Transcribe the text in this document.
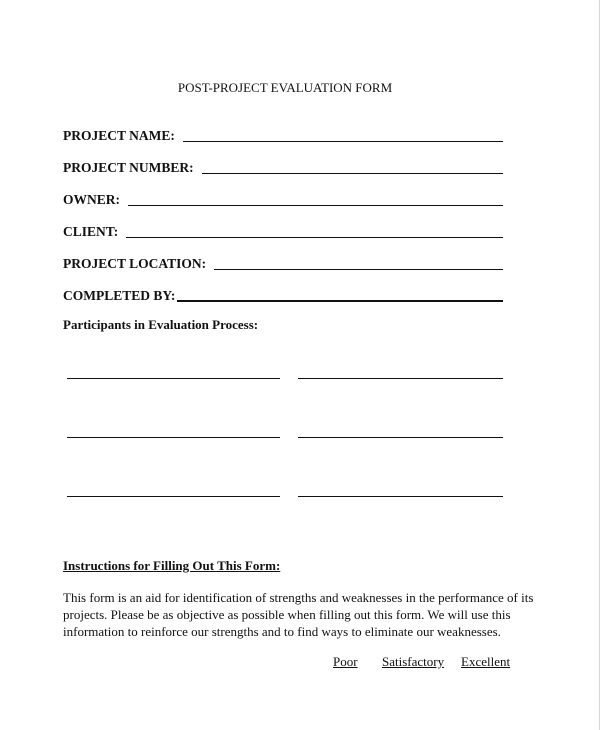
POST-PROJECT EVALUATION FORM
PROJECT NAME:
PROJECT NUMBER:
OWNER:
CLIENT:
PROJECT LOCATION:
COMPLETED BY:
Participants in Evaluation Process:
Instructions for Filling Out This Form:
This form is an aid for identification of strengths and weaknesses in the performance of its
projects. Please be as objective as possible when filling out this form. We will use this
information to reinforce our strengths and to find ways to eliminate our weaknesses.
Poor Satisfactory Excellent
